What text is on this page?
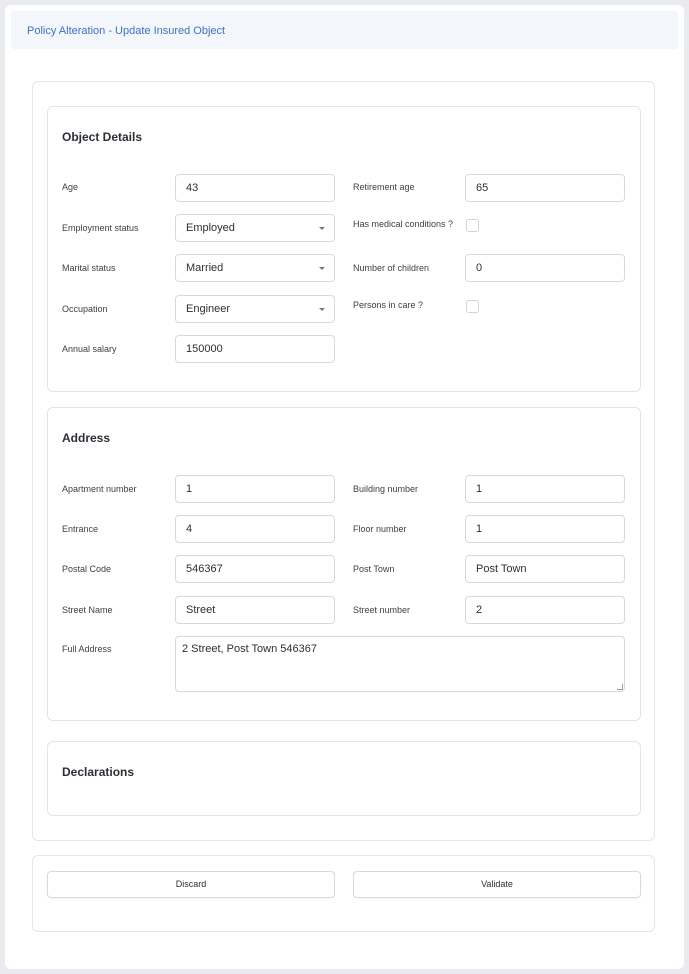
Policy Alteration - Update Insured Object
Object Details
Age	43	Retirement age	65
Employment status	Employed	Has medical conditions ?
Marital status	Married	Number of children	0
Occupation	Engineer	Persons in care ?
Annual salary	150000
Address
Apartment number	1	Building number	1
Entrance	4	Floor number	1
Postal Code	546367	Post Town	Post Town
Street Name	Street	Street number	2
Full Address	2 Street, Post Town 546367
Declarations
Discard	Validate
